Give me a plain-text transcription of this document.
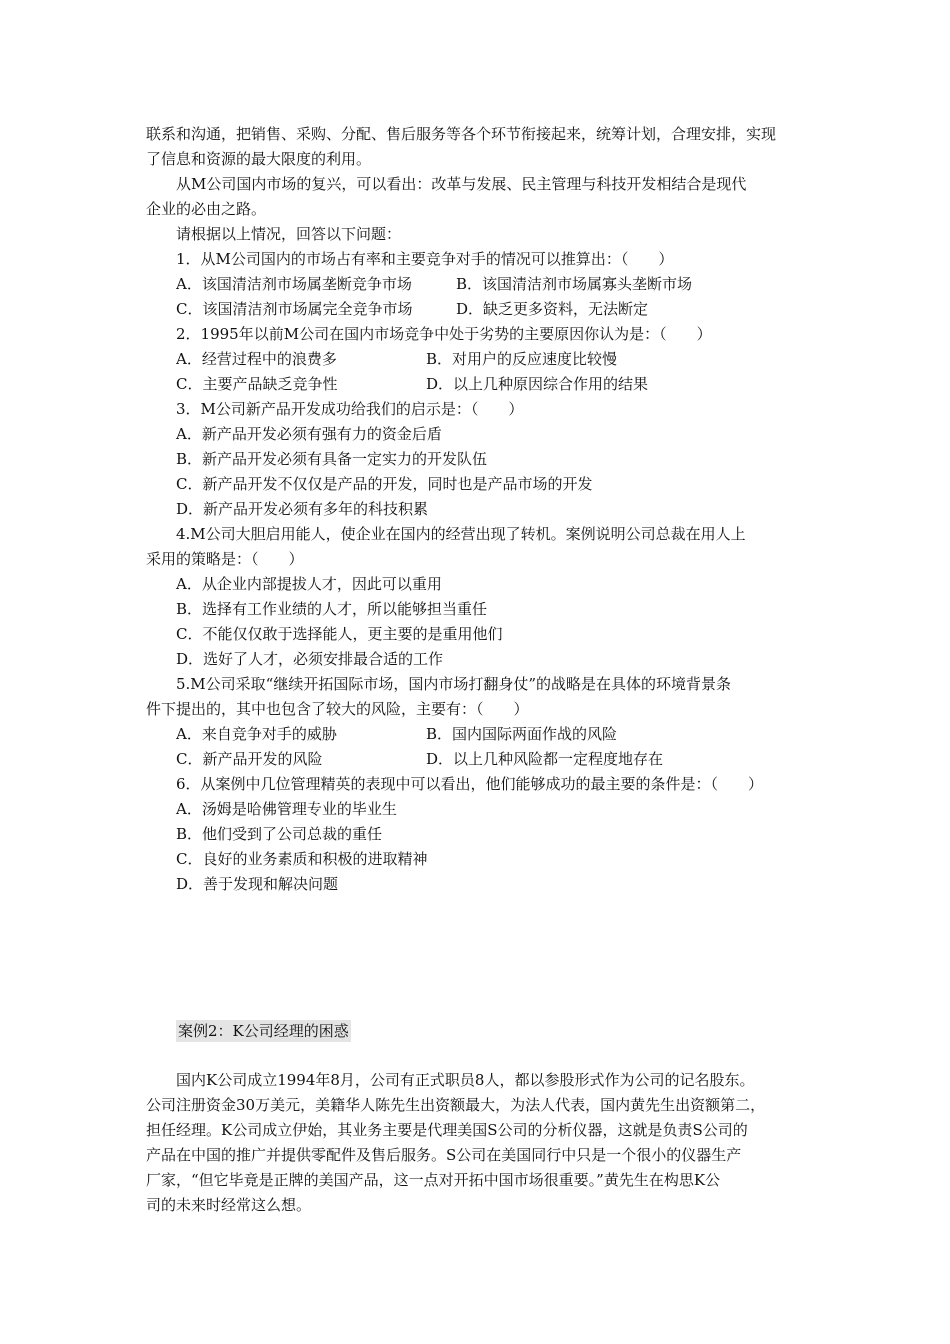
联系和沟通，把销售、采购、分配、售后服务等各个环节衔接起来，统筹计划，合理安排，实现
了信息和资源的最大限度的利用。
从M公司国内市场的复兴，可以看出：改革与发展、民主管理与科技开发相结合是现代
企业的必由之路。
请根据以上情况，回答以下问题：
1．从M公司国内的市场占有率和主要竞争对手的情况可以推算出：（　　）
A．该国清洁剂市场属垄断竞争市场	B．该国清洁剂市场属寡头垄断市场
C．该国清洁剂市场属完全竞争市场	D．缺乏更多资料，无法断定
2．1995年以前M公司在国内市场竞争中处于劣势的主要原因你认为是：（　　）
A．经营过程中的浪费多	B．对用户的反应速度比较慢
C．主要产品缺乏竞争性	D．以上几种原因综合作用的结果
3．M公司新产品开发成功给我们的启示是：（　　）
A．新产品开发必须有强有力的资金后盾
B．新产品开发必须有具备一定实力的开发队伍
C．新产品开发不仅仅是产品的开发，同时也是产品市场的开发
D．新产品开发必须有多年的科技积累
4.M公司大胆启用能人，使企业在国内的经营出现了转机。案例说明公司总裁在用人上
采用的策略是：（　　）
A．从企业内部提拔人才，因此可以重用
B．选择有工作业绩的人才，所以能够担当重任
C．不能仅仅敢于选择能人，更主要的是重用他们
D．选好了人才，必须安排最合适的工作
5.M公司采取“继续开拓国际市场，国内市场打翻身仗”的战略是在具体的环境背景条
件下提出的，其中也包含了较大的风险，主要有：（　　）
A．来自竞争对手的威胁	B．国内国际两面作战的风险
C．新产品开发的风险	D．以上几种风险都一定程度地存在
6．从案例中几位管理精英的表现中可以看出，他们能够成功的最主要的条件是：（　　）
A．汤姆是哈佛管理专业的毕业生
B．他们受到了公司总裁的重任
C．良好的业务素质和积极的进取精神
D．善于发现和解决问题
案例2：K公司经理的困惑
国内K公司成立1994年8月，公司有正式职员8人，都以参股形式作为公司的记名股东。
公司注册资金30万美元，美籍华人陈先生出资额最大，为法人代表，国内黄先生出资额第二，
担任经理。K公司成立伊始，其业务主要是代理美国S公司的分析仪器，这就是负责S公司的
产品在中国的推广并提供零配件及售后服务。S公司在美国同行中只是一个很小的仪器生产
厂家，“但它毕竟是正牌的美国产品，这一点对开拓中国市场很重要。”黄先生在构思K公
司的未来时经常这么想。
